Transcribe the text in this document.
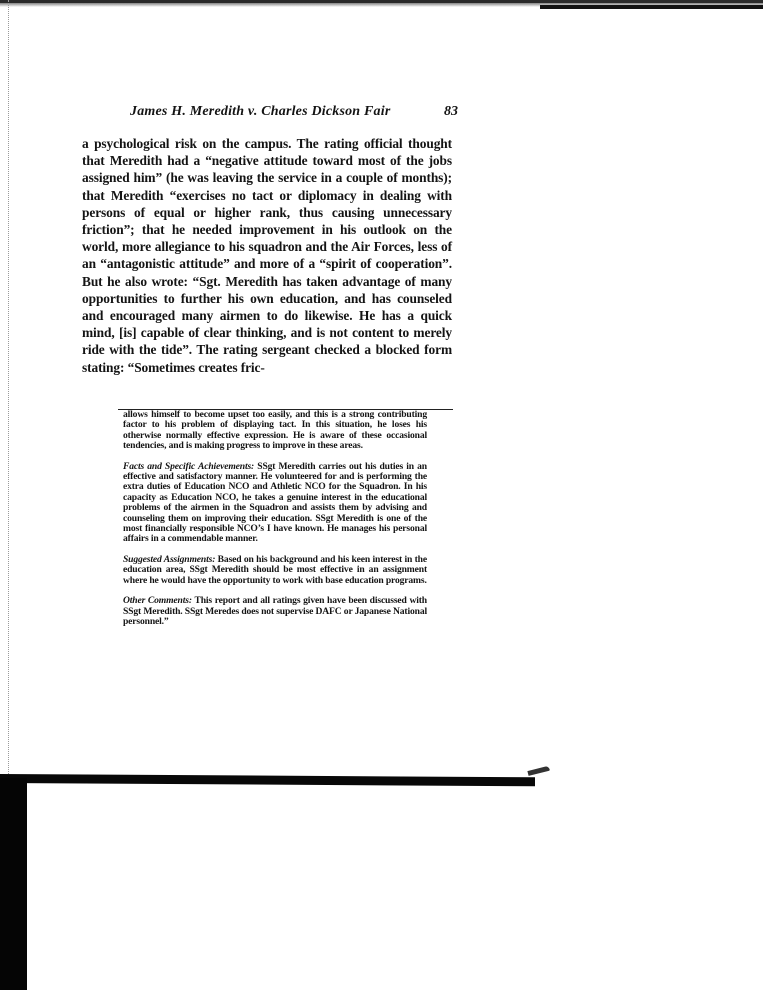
James H. Meredith v. Charles Dickson Fair	83

a psychological risk on the campus. The rating official thought that Meredith had a “negative attitude toward most of the jobs assigned him” (he was leaving the service in a couple of months); that Meredith “exercises no tact or diplomacy in dealing with persons of equal or higher rank, thus causing unnecessary friction”; that he needed improvement in his outlook on the world, more allegiance to his squadron and the Air Forces, less of an “antagonistic attitude” and more of a “spirit of cooperation”. But he also wrote: “Sgt. Meredith has taken advantage of many opportunities to further his own education, and has counseled and encouraged many airmen to do likewise. He has a quick mind, [is] capable of clear thinking, and is not content to merely ride with the tide”. The rating sergeant checked a blocked form stating: “Sometimes creates fric-

allows himself to become upset too easily, and this is a strong contributing factor to his problem of displaying tact. In this situation, he loses his otherwise normally effective expression. He is aware of these occasional tendencies, and is making progress to improve in these areas.

Facts and Specific Achievements: SSgt Meredith carries out his duties in an effective and satisfactory manner. He volunteered for and is performing the extra duties of Education NCO and Athletic NCO for the Squadron. In his capacity as Education NCO, he takes a genuine interest in the educational problems of the airmen in the Squadron and assists them by advising and counseling them on improving their education. SSgt Meredith is one of the most financially responsible NCO’s I have known. He manages his personal affairs in a commendable manner.

Suggested Assignments: Based on his background and his keen interest in the education area, SSgt Meredith should be most effective in an assignment where he would have the opportunity to work with base education programs.

Other Comments: This report and all ratings given have been discussed with SSgt Meredith. SSgt Meredes does not supervise DAFC or Japanese National personnel.”
